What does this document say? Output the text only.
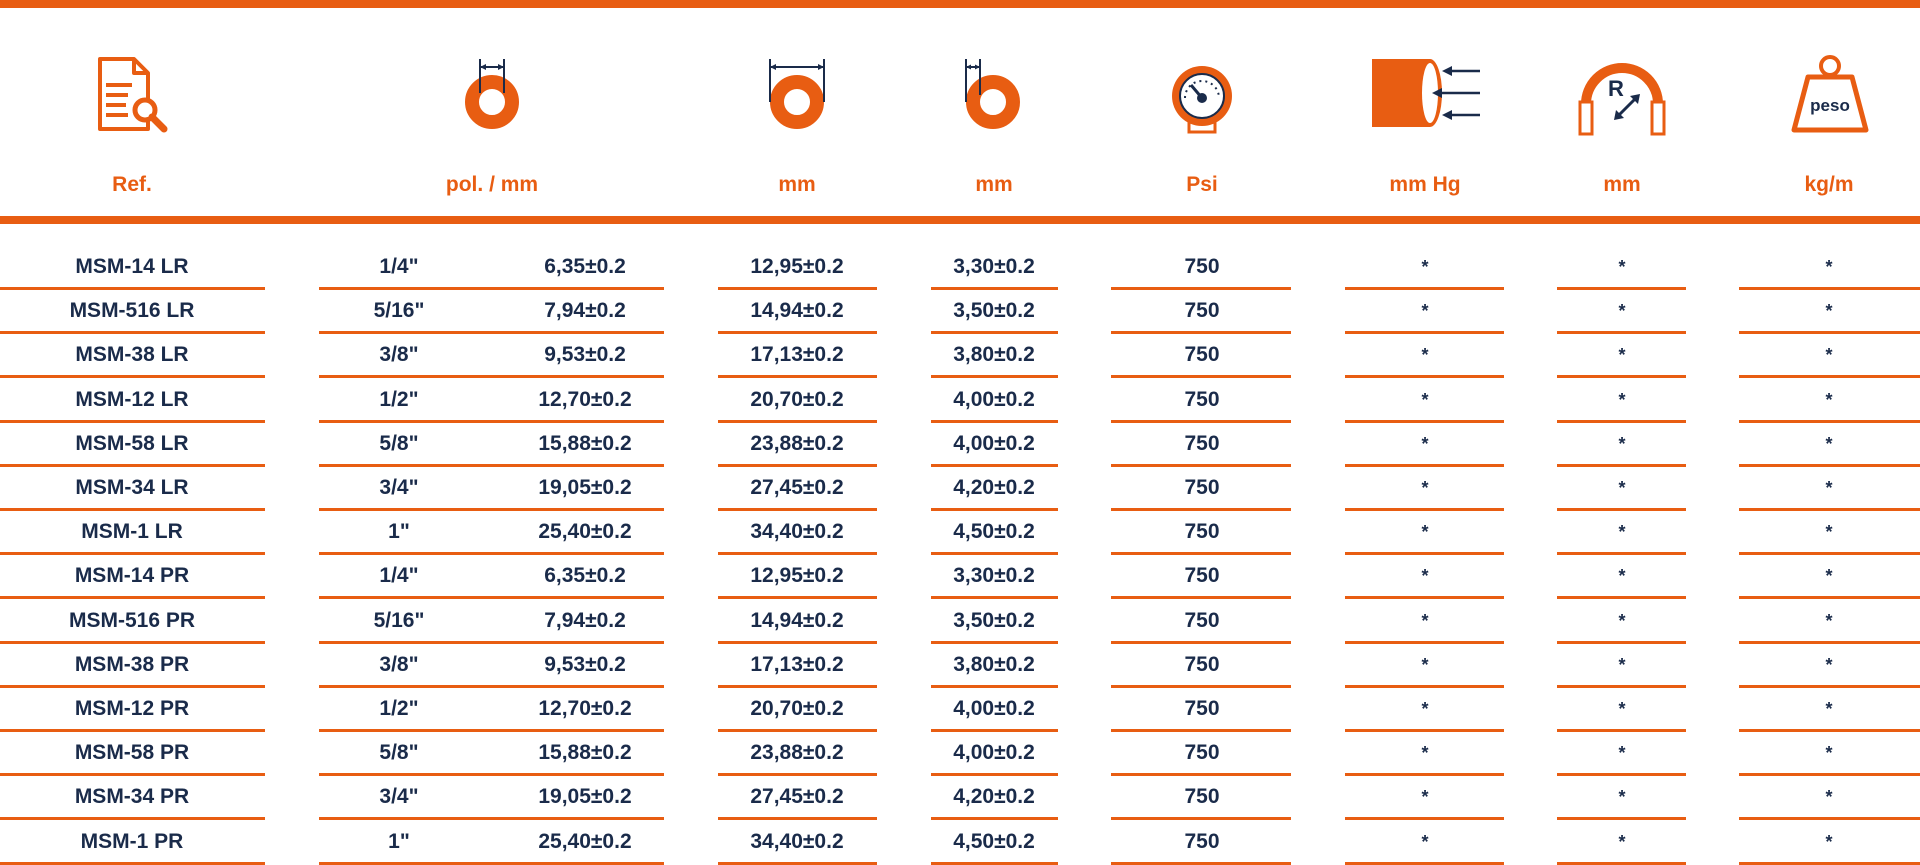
R
peso
Ref.	pol. / mm	mm	mm	Psi	mm Hg	mm	kg/m
MSM-14 LR	1/4"	6,35±0.2	12,95±0.2	3,30±0.2	750	*	*	*
MSM-516 LR	5/16"	7,94±0.2	14,94±0.2	3,50±0.2	750	*	*	*
MSM-38 LR	3/8"	9,53±0.2	17,13±0.2	3,80±0.2	750	*	*	*
MSM-12 LR	1/2"	12,70±0.2	20,70±0.2	4,00±0.2	750	*	*	*
MSM-58 LR	5/8"	15,88±0.2	23,88±0.2	4,00±0.2	750	*	*	*
MSM-34 LR	3/4"	19,05±0.2	27,45±0.2	4,20±0.2	750	*	*	*
MSM-1 LR	1"	25,40±0.2	34,40±0.2	4,50±0.2	750	*	*	*
MSM-14 PR	1/4"	6,35±0.2	12,95±0.2	3,30±0.2	750	*	*	*
MSM-516 PR	5/16"	7,94±0.2	14,94±0.2	3,50±0.2	750	*	*	*
MSM-38 PR	3/8"	9,53±0.2	17,13±0.2	3,80±0.2	750	*	*	*
MSM-12 PR	1/2"	12,70±0.2	20,70±0.2	4,00±0.2	750	*	*	*
MSM-58 PR	5/8"	15,88±0.2	23,88±0.2	4,00±0.2	750	*	*	*
MSM-34 PR	3/4"	19,05±0.2	27,45±0.2	4,20±0.2	750	*	*	*
MSM-1 PR	1"	25,40±0.2	34,40±0.2	4,50±0.2	750	*	*	*
